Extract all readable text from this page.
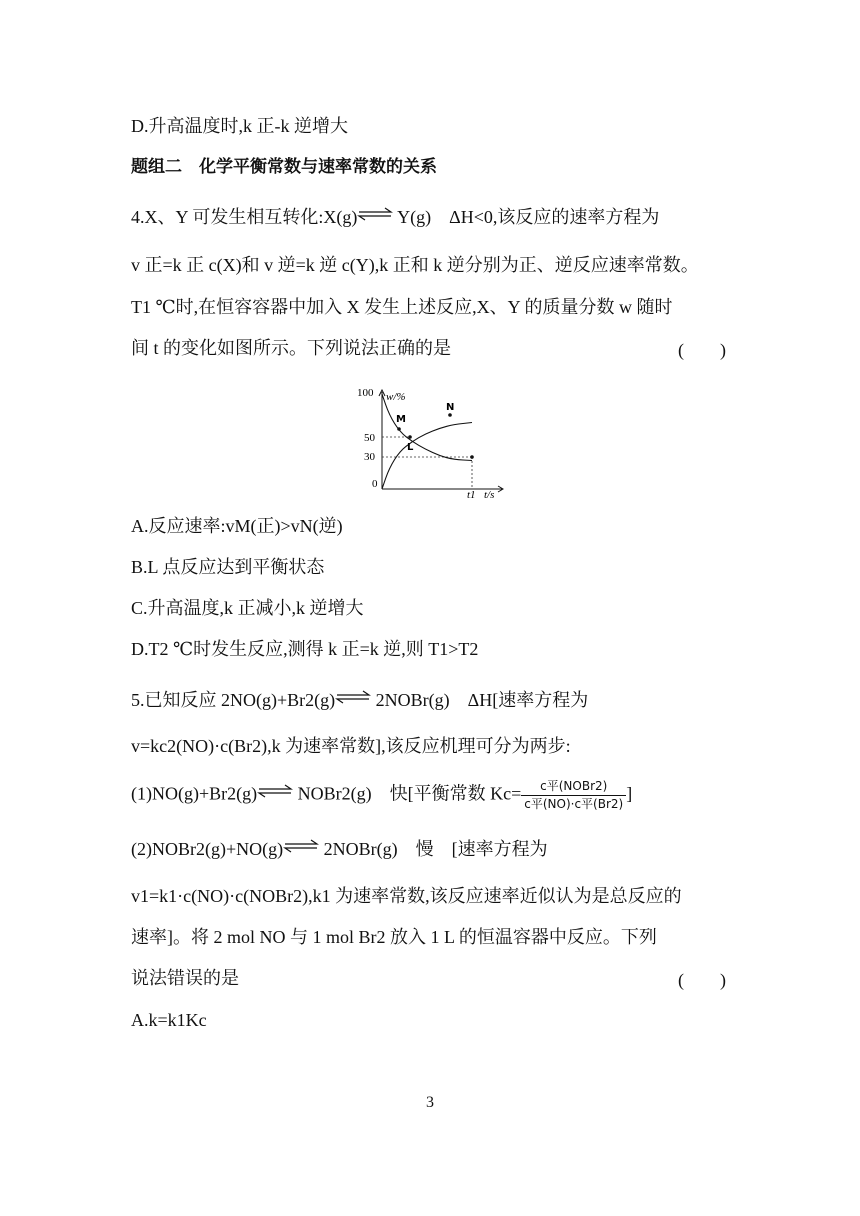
D.升高温度时,k 正-k 逆增大
题组二　化学平衡常数与速率常数的关系
4.X、Y 可发生相互转化:X(g)⇌ Y(g)　ΔH<0,该反应的速率方程为
v 正=k 正 c(X)和 v 逆=k 逆 c(Y),k 正和 k 逆分别为正、逆反应速率常数。
T1 ℃时,在恒容容器中加入 X 发生上述反应,X、Y 的质量分数 w 随时
间 t 的变化如图所示。下列说法正确的是	(　　)
w/%
t/s
100
50
30
0
t1
M
N
L
A.反应速率:vM(正)>vN(逆)
B.L 点反应达到平衡状态
C.升高温度,k 正减小,k 逆增大
D.T2 ℃时发生反应,测得 k 正=k 逆,则 T1>T2
5.已知反应 2NO(g)+Br2(g)⇌ 2NOBr(g)　ΔH[速率方程为
v=kc2(NO)·c(Br2),k 为速率常数],该反应机理可分为两步:
(1)NO(g)+Br2(g)⇌ NOBr2(g)　快[平衡常数 $Kc= \frac{\text{c平(NOBr2)}}{\text{c平(NO)·c平(Br2)}}$ ]
(2)NOBr2(g)+NO(g)⇌ 2NOBr(g)　慢　[速率方程为
v1=k1·c(NO)·c(NOBr2),k1 为速率常数,该反应速率近似认为是总反应的
速率]。将 2 mol NO 与 1 mol Br2 放入 1 L 的恒温容器中反应。下列
说法错误的是	(　　)
A.k=k1Kc
3
